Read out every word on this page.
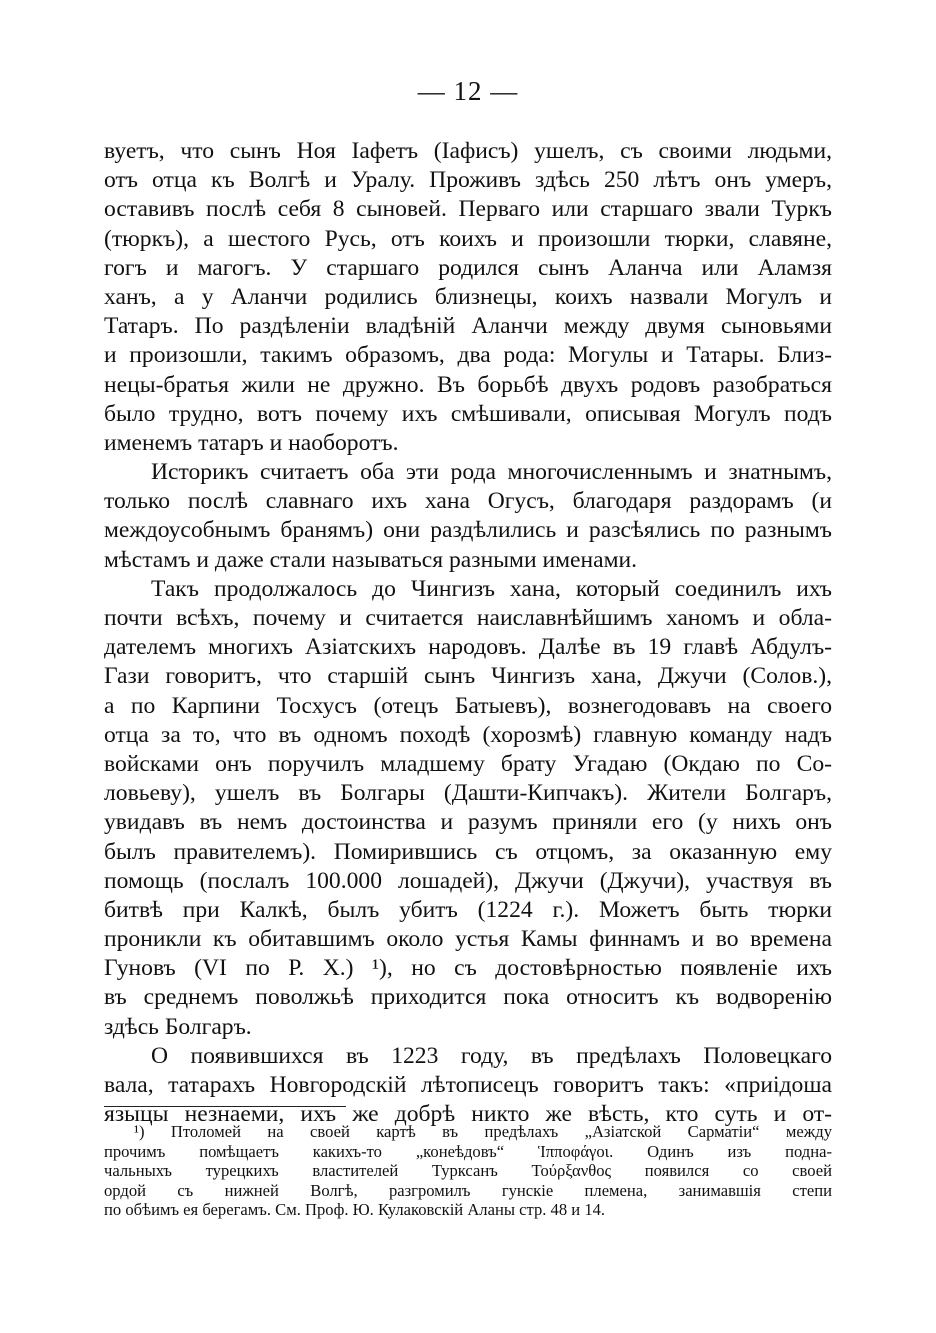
— 12 —
вуетъ, что сынъ Ноя Іафетъ (Іафисъ) ушелъ, съ своими людьми,
отъ отца къ Волгѣ и Уралу. Проживъ здѣсь 250 лѣтъ онъ умеръ,
оставивъ послѣ себя 8 сыновей. Перваго или старшаго звали Туркъ
(тюркъ), а шестого Русь, отъ коихъ и произошли тюрки, славяне,
гогъ и магогъ. У старшаго родился сынъ Аланча или Аламзя
ханъ, а у Аланчи родились близнецы, коихъ назвали Могулъ и
Татаръ. По раздѣленіи владѣній Аланчи между двумя сыновьями
и произошли, такимъ образомъ, два рода: Могулы и Татары. Близ-
нецы-братья жили не дружно. Въ борьбѣ двухъ родовъ разобраться
было трудно, вотъ почему ихъ смѣшивали, описывая Могулъ подъ
именемъ татаръ и наоборотъ.
Историкъ считаетъ оба эти рода многочисленнымъ и знатнымъ,
только послѣ славнаго ихъ хана Огусъ, благодаря раздорамъ (и
междоусобнымъ бранямъ) они раздѣлились и разсѣялись по разнымъ
мѣстамъ и даже стали называться разными именами.
Такъ продолжалось до Чингизъ хана, который соединилъ ихъ
почти всѣхъ, почему и считается наиславнѣйшимъ ханомъ и обла-
дателемъ многихъ Азіатскихъ народовъ. Далѣе въ 19 главѣ Абдулъ-
Гази говоритъ, что старшій сынъ Чингизъ хана, Джучи (Солов.),
а по Карпини Тосхусъ (отецъ Батыевъ), вознегодовавъ на своего
отца за то, что въ одномъ походѣ (хорозмѣ) главную команду надъ
войсками онъ поручилъ младшему брату Угадаю (Окдаю по Со-
ловьеву), ушелъ въ Болгары (Дашти-Кипчакъ). Жители Болгаръ,
увидавъ въ немъ достоинства и разумъ приняли его (у нихъ онъ
былъ правителемъ). Помирившись съ отцомъ, за оказанную ему
помощь (послалъ 100.000 лошадей), Джучи (Джучи), участвуя въ
битвѣ при Калкѣ, былъ убитъ (1224 г.). Можетъ быть тюрки
проникли къ обитавшимъ около устья Камы финнамъ и во времена
Гуновъ (VI по Р. Х.) ¹), но съ достовѣрностью появленіе ихъ
въ среднемъ поволжьѣ приходится пока относитъ къ водворенію
здѣсь Болгаръ.
О появившихся въ 1223 году, въ предѣлахъ Половецкаго
вала, татарахъ Новгородскій лѣтописецъ говоритъ такъ: «приідоша
языцы незнаеми, ихъ же добрѣ никто же вѣсть, кто суть и от-
¹) Птоломей на своей картѣ въ предѣлахъ „Азіатской Сарматіи“ между
прочимъ помѣщаетъ какихъ-то „конеѣдовъ“ Ἱπποφάγοι. Одинъ изъ подна-
чальныхъ турецкихъ властителей Турксанъ Τούρξανθος появился со своей
ордой съ нижней Волгѣ, разгромилъ гунскіе племена, занимавшія степи
по обѣимъ ея берегамъ. См. Проф. Ю. Кулаковскій Аланы стр. 48 и 14.
